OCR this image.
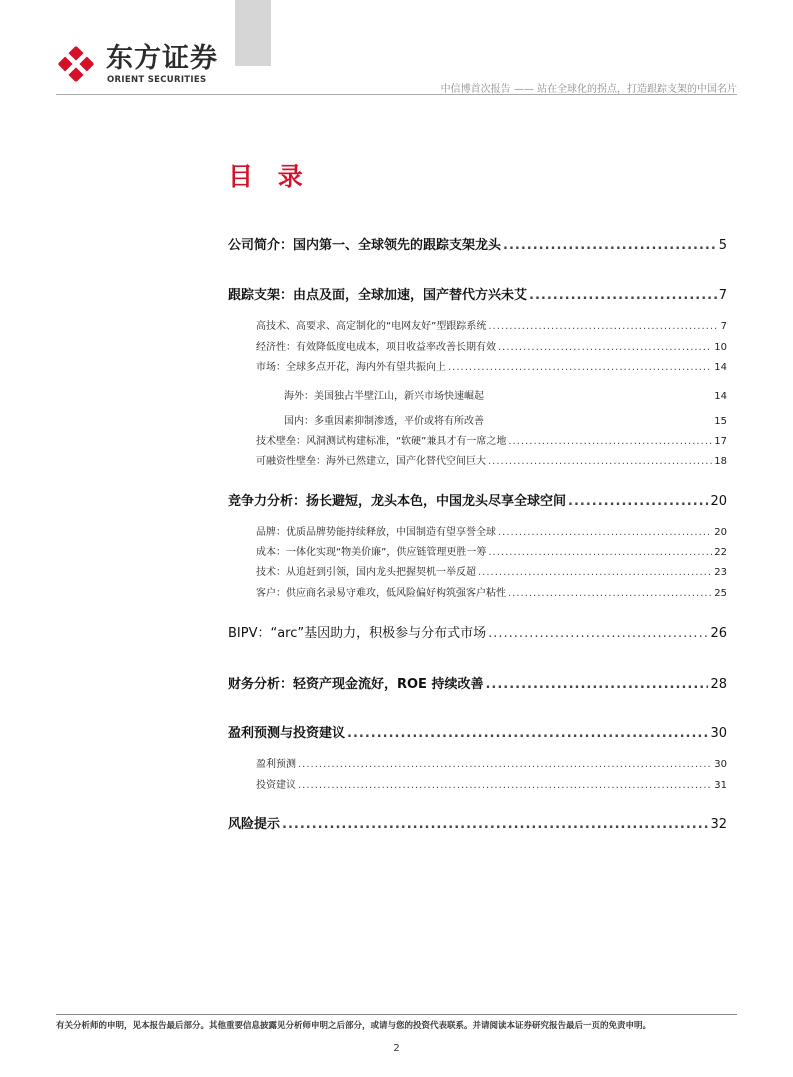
东方证券
ORIENT SECURITIES
中信博首次报告 —— 站在全球化的拐点，打造跟踪支架的中国名片
目 录
公司简介：国内第一、全球领先的跟踪支架龙头 .....	5
跟踪支架：由点及面，全球加速，国产替代方兴未艾 .....	7
高技术、高要求、高定制化的“电网友好”型跟踪系统 .....	7
经济性：有效降低度电成本，项目收益率改善长期有效 .....	10
市场：全球多点开花，海内外有望共振向上 .....	14
海外：美国独占半壁江山，新兴市场快速崛起	14
国内：多重因素抑制渗透，平价或将有所改善	15
技术壁垒：风洞测试构建标准，“软硬”兼具才有一席之地 .....	17
可融资性壁垒：海外已然建立，国产化替代空间巨大 .....	18
竞争力分析：扬长避短，龙头本色，中国龙头尽享全球空间 .....	20
品牌：优质品牌势能持续释放，中国制造有望享誉全球 .....	20
成本：一体化实现“物美价廉”，供应链管理更胜一筹 .....	22
技术：从追赶到引领，国内龙头把握契机一举反超 .....	23
客户：供应商名录易守难攻，低风险偏好构筑强客户粘性 .....	25
BIPV：“arc”基因助力，积极参与分布式市场 .....	26
财务分析：轻资产现金流好，ROE 持续改善 .....	28
盈利预测与投资建议 .....	30
盈利预测 .....	30
投资建议 .....	31
风险提示 .....	32
有关分析师的申明，见本报告最后部分。其他重要信息披露见分析师申明之后部分，或请与您的投资代表联系。并请阅读本证券研究报告最后一页的免责申明。
2
